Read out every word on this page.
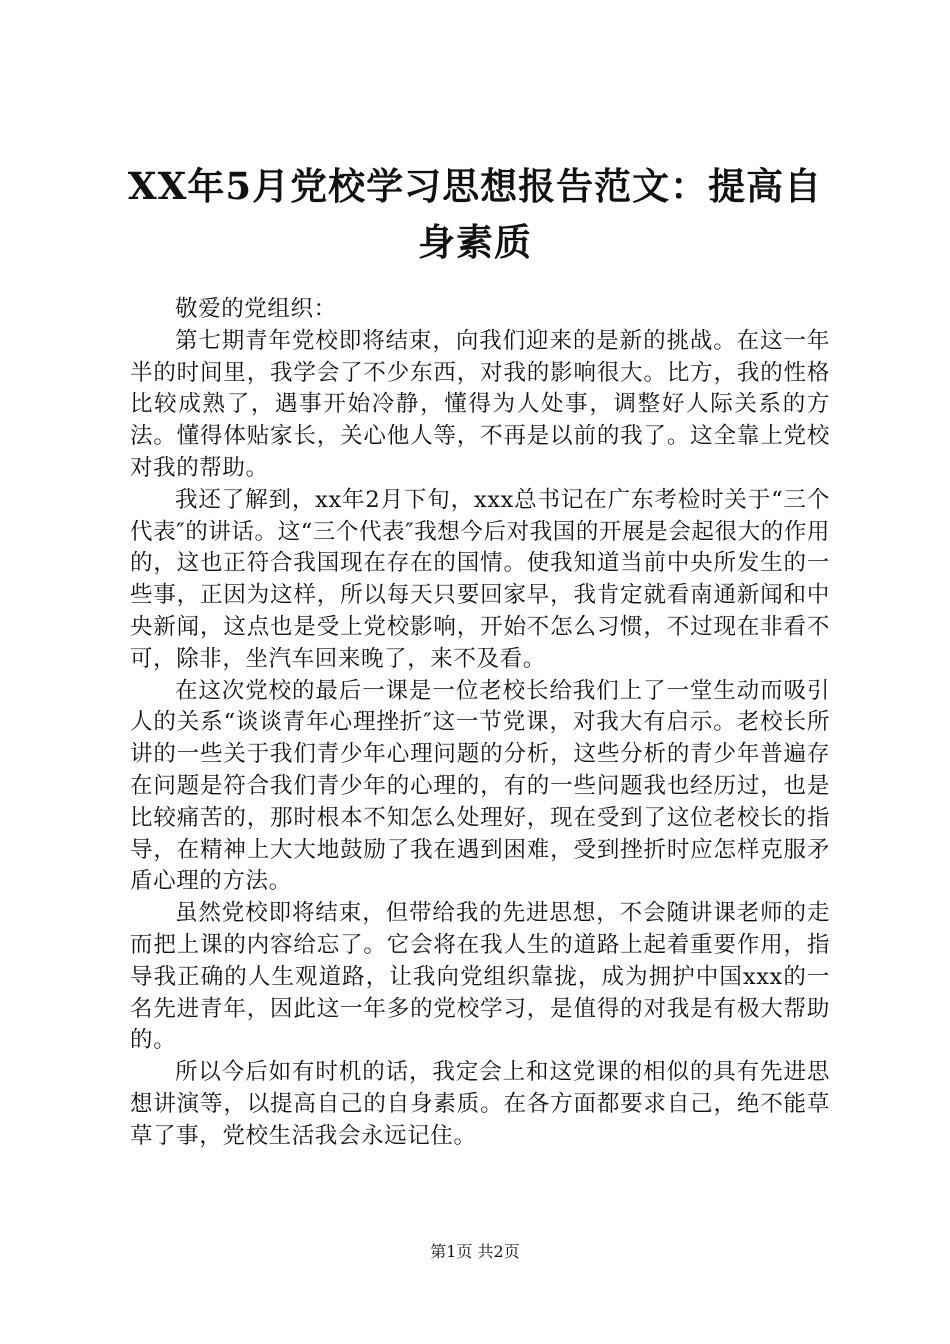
XX年5月党校学习思想报告范文：提高自身素质

敬爱的党组织：

第七期青年党校即将结束，向我们迎来的是新的挑战。在这一年半的时间里，我学会了不少东西，对我的影响很大。比方，我的性格比较成熟了，遇事开始冷静，懂得为人处事，调整好人际关系的方法。懂得体贴家长，关心他人等，不再是以前的我了。这全靠上党校对我的帮助。

我还了解到，xx年2月下旬，xxx总书记在广东考检时关于“三个代表″的讲话。这“三个代表″我想今后对我国的开展是会起很大的作用的，这也正符合我国现在存在的国情。使我知道当前中央所发生的一些事，正因为这样，所以每天只要回家早，我肯定就看南通新闻和中央新闻，这点也是受上党校影响，开始不怎么习惯，不过现在非看不可，除非，坐汽车回来晚了，来不及看。

在这次党校的最后一课是一位老校长给我们上了一堂生动而吸引人的关系“谈谈青年心理挫折″这一节党课，对我大有启示。老校长所讲的一些关于我们青少年心理问题的分析，这些分析的青少年普遍存在问题是符合我们青少年的心理的，有的一些问题我也经历过，也是比较痛苦的，那时根本不知怎么处理好，现在受到了这位老校长的指导，在精神上大大地鼓励了我在遇到困难，受到挫折时应怎样克服矛盾心理的方法。

虽然党校即将结束，但带给我的先进思想，不会随讲课老师的走而把上课的内容给忘了。它会将在我人生的道路上起着重要作用，指导我正确的人生观道路，让我向党组织靠拢，成为拥护中国xxx的一名先进青年，因此这一年多的党校学习，是值得的对我是有极大帮助的。

所以今后如有时机的话，我定会上和这党课的相似的具有先进思想讲演等，以提高自己的自身素质。在各方面都要求自己，绝不能草草了事，党校生活我会永远记住。

第1页 共2页
